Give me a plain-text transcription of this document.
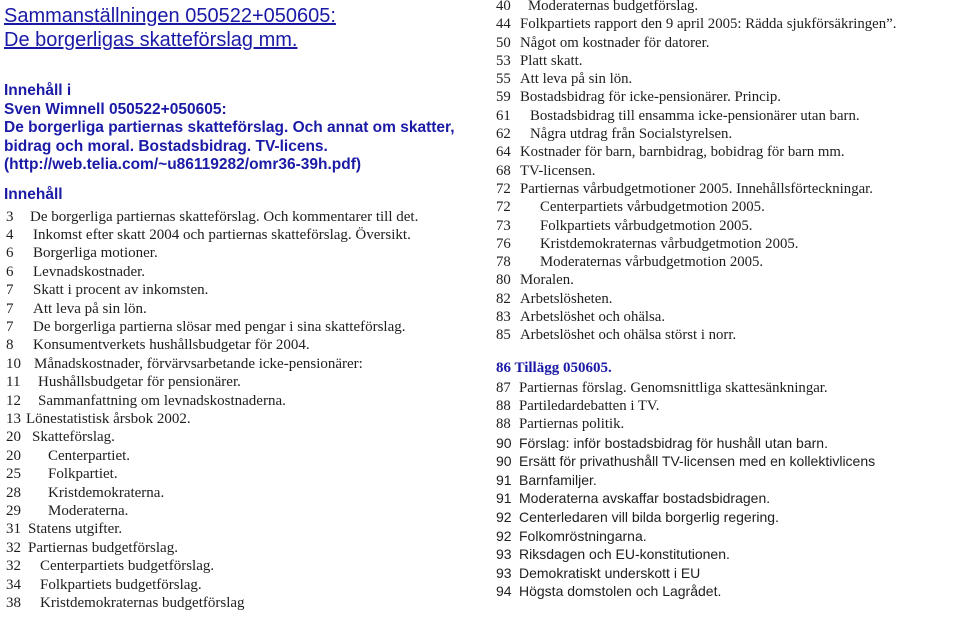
Sammanställningen 050522+050605:
De borgerligas skatteförslag mm.
Innehåll i
Sven Wimnell 050522+050605:
De borgerliga partiernas skatteförslag. Och annat om skatter,
bidrag och moral. Bostadsbidrag. TV-licens.
(http://web.telia.com/~u86119282/omr36-39h.pdf)
Innehåll
3 De borgerliga partiernas skatteförslag. Och kommentarer till det.
4 Inkomst efter skatt 2004 och partiernas skatteförslag. Översikt.
6 Borgerliga motioner.
6 Levnadskostnader.
7 Skatt i procent av inkomsten.
7 Att leva på sin lön.
7 De borgerliga partierna slösar med pengar i sina skatteförslag.
8 Konsumentverkets hushållsbudgetar för 2004.
10 Månadskostnader, förvärvsarbetande icke-pensionärer:
11 Hushållsbudgetar för pensionärer.
12 Sammanfattning om levnadskostnaderna.
13 Lönestatistisk årsbok 2002.
20 Skatteförslag.
20 Centerpartiet.
25 Folkpartiet.
28 Kristdemokraterna.
29 Moderaterna.
31 Statens utgifter.
32 Partiernas budgetförslag.
32 Centerpartiets budgetförslag.
34 Folkpartiets budgetförslag.
38 Kristdemokraternas budgetförslag
40 Moderaternas budgetförslag.
44 Folkpartiets rapport den 9 april 2005: Rädda sjukförsäkringen”.
50 Något om kostnader för datorer.
53 Platt skatt.
55 Att leva på sin lön.
59 Bostadsbidrag för icke-pensionärer. Princip.
61 Bostadsbidrag till ensamma icke-pensionärer utan barn.
62 Några utdrag från Socialstyrelsen.
64 Kostnader för barn, barnbidrag, bobidrag för barn mm.
68 TV-licensen.
72 Partiernas vårbudgetmotioner 2005. Innehållsförteckningar.
72 Centerpartiets vårbudgetmotion 2005.
73 Folkpartiets vårbudgetmotion 2005.
76 Kristdemokraternas vårbudgetmotion 2005.
78 Moderaternas vårbudgetmotion 2005.
80 Moralen.
82 Arbetslösheten.
83 Arbetslöshet och ohälsa.
85 Arbetslöshet och ohälsa störst i norr.
86 Tillägg 050605.
87 Partiernas förslag. Genomsnittliga skattesänkningar.
88 Partiledardebatten i TV.
88 Partiernas politik.
90 Förslag: inför bostadsbidrag för hushåll utan barn.
90 Ersätt för privathushåll TV-licensen med en kollektivlicens
91 Barnfamiljer.
91 Moderaterna avskaffar bostadsbidragen.
92 Centerledaren vill bilda borgerlig regering.
92 Folkomröstningarna.
93 Riksdagen och EU-konstitutionen.
93 Demokratiskt underskott i EU
94 Högsta domstolen och Lagrådet.
